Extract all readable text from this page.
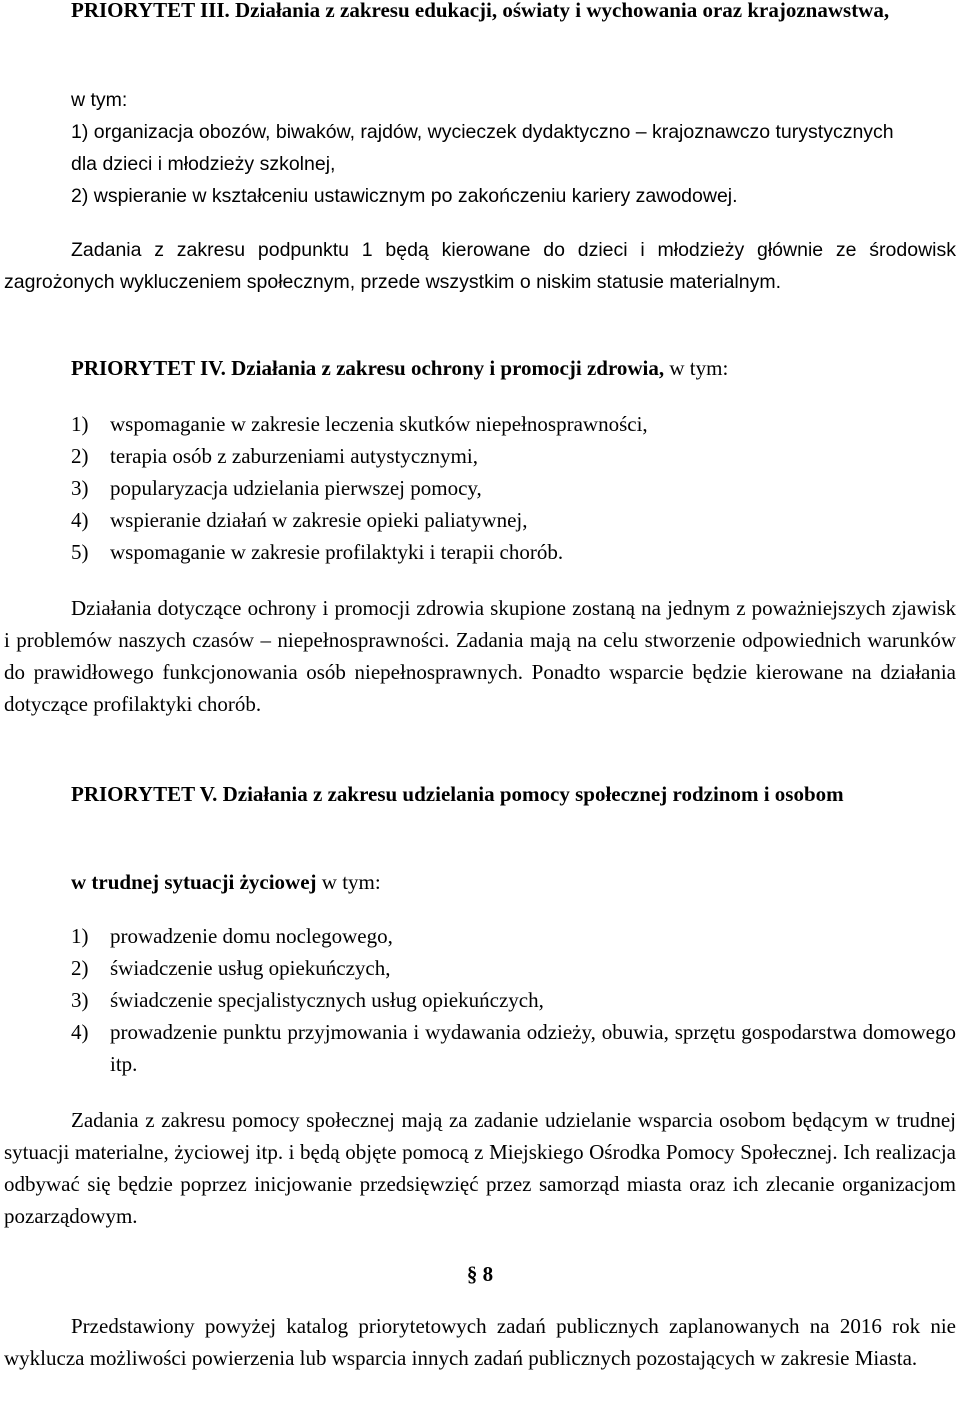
PRIORYTET III. Działania z zakresu edukacji, oświaty i wychowania oraz krajoznawstwa,

w tym:
1) organizacja obozów, biwaków, rajdów, wycieczek dydaktyczno – krajoznawczo turystycznych dla dzieci i młodzieży szkolnej,
2) wspieranie w kształceniu ustawicznym po zakończeniu kariery zawodowej.

Zadania z zakresu podpunktu 1 będą kierowane do dzieci i młodzieży głównie ze środowisk zagrożonych wykluczeniem społecznym, przede wszystkim o niskim statusie materialnym.

PRIORYTET IV. Działania z zakresu ochrony i promocji zdrowia, w tym:

1)	wspomaganie w zakresie leczenia skutków niepełnosprawności,
2)	terapia osób z zaburzeniami autystycznymi,
3)	popularyzacja udzielania pierwszej pomocy,
4)	wspieranie działań w zakresie opieki paliatywnej,
5)	wspomaganie w zakresie profilaktyki i terapii chorób.

Działania dotyczące ochrony i promocji zdrowia skupione zostaną na jednym z poważniejszych zjawisk i problemów naszych czasów – niepełnosprawności. Zadania mają na celu stworzenie odpowiednich warunków do prawidłowego funkcjonowania osób niepełnosprawnych. Ponadto wsparcie będzie kierowane na działania dotyczące profilaktyki chorób.

PRIORYTET V. Działania z zakresu udzielania pomocy społecznej rodzinom i osobom

w trudnej sytuacji życiowej w tym:

1)	prowadzenie domu noclegowego,
2)	świadczenie usług opiekuńczych,
3)	świadczenie specjalistycznych usług opiekuńczych,
4)	prowadzenie punktu przyjmowania i wydawania odzieży, obuwia, sprzętu gospodarstwa domowego itp.

Zadania z zakresu pomocy społecznej mają za zadanie udzielanie wsparcia osobom będącym w trudnej sytuacji materialne, życiowej itp. i będą objęte pomocą z Miejskiego Ośrodka Pomocy Społecznej. Ich realizacja odbywać się będzie poprzez inicjowanie przedsięwzięć przez samorząd miasta oraz ich zlecanie organizacjom pozarządowym.

§ 8

Przedstawiony powyżej katalog priorytetowych zadań publicznych zaplanowanych na 2016 rok nie wyklucza możliwości powierzenia lub wsparcia innych zadań publicznych pozostających w zakresie Miasta.
